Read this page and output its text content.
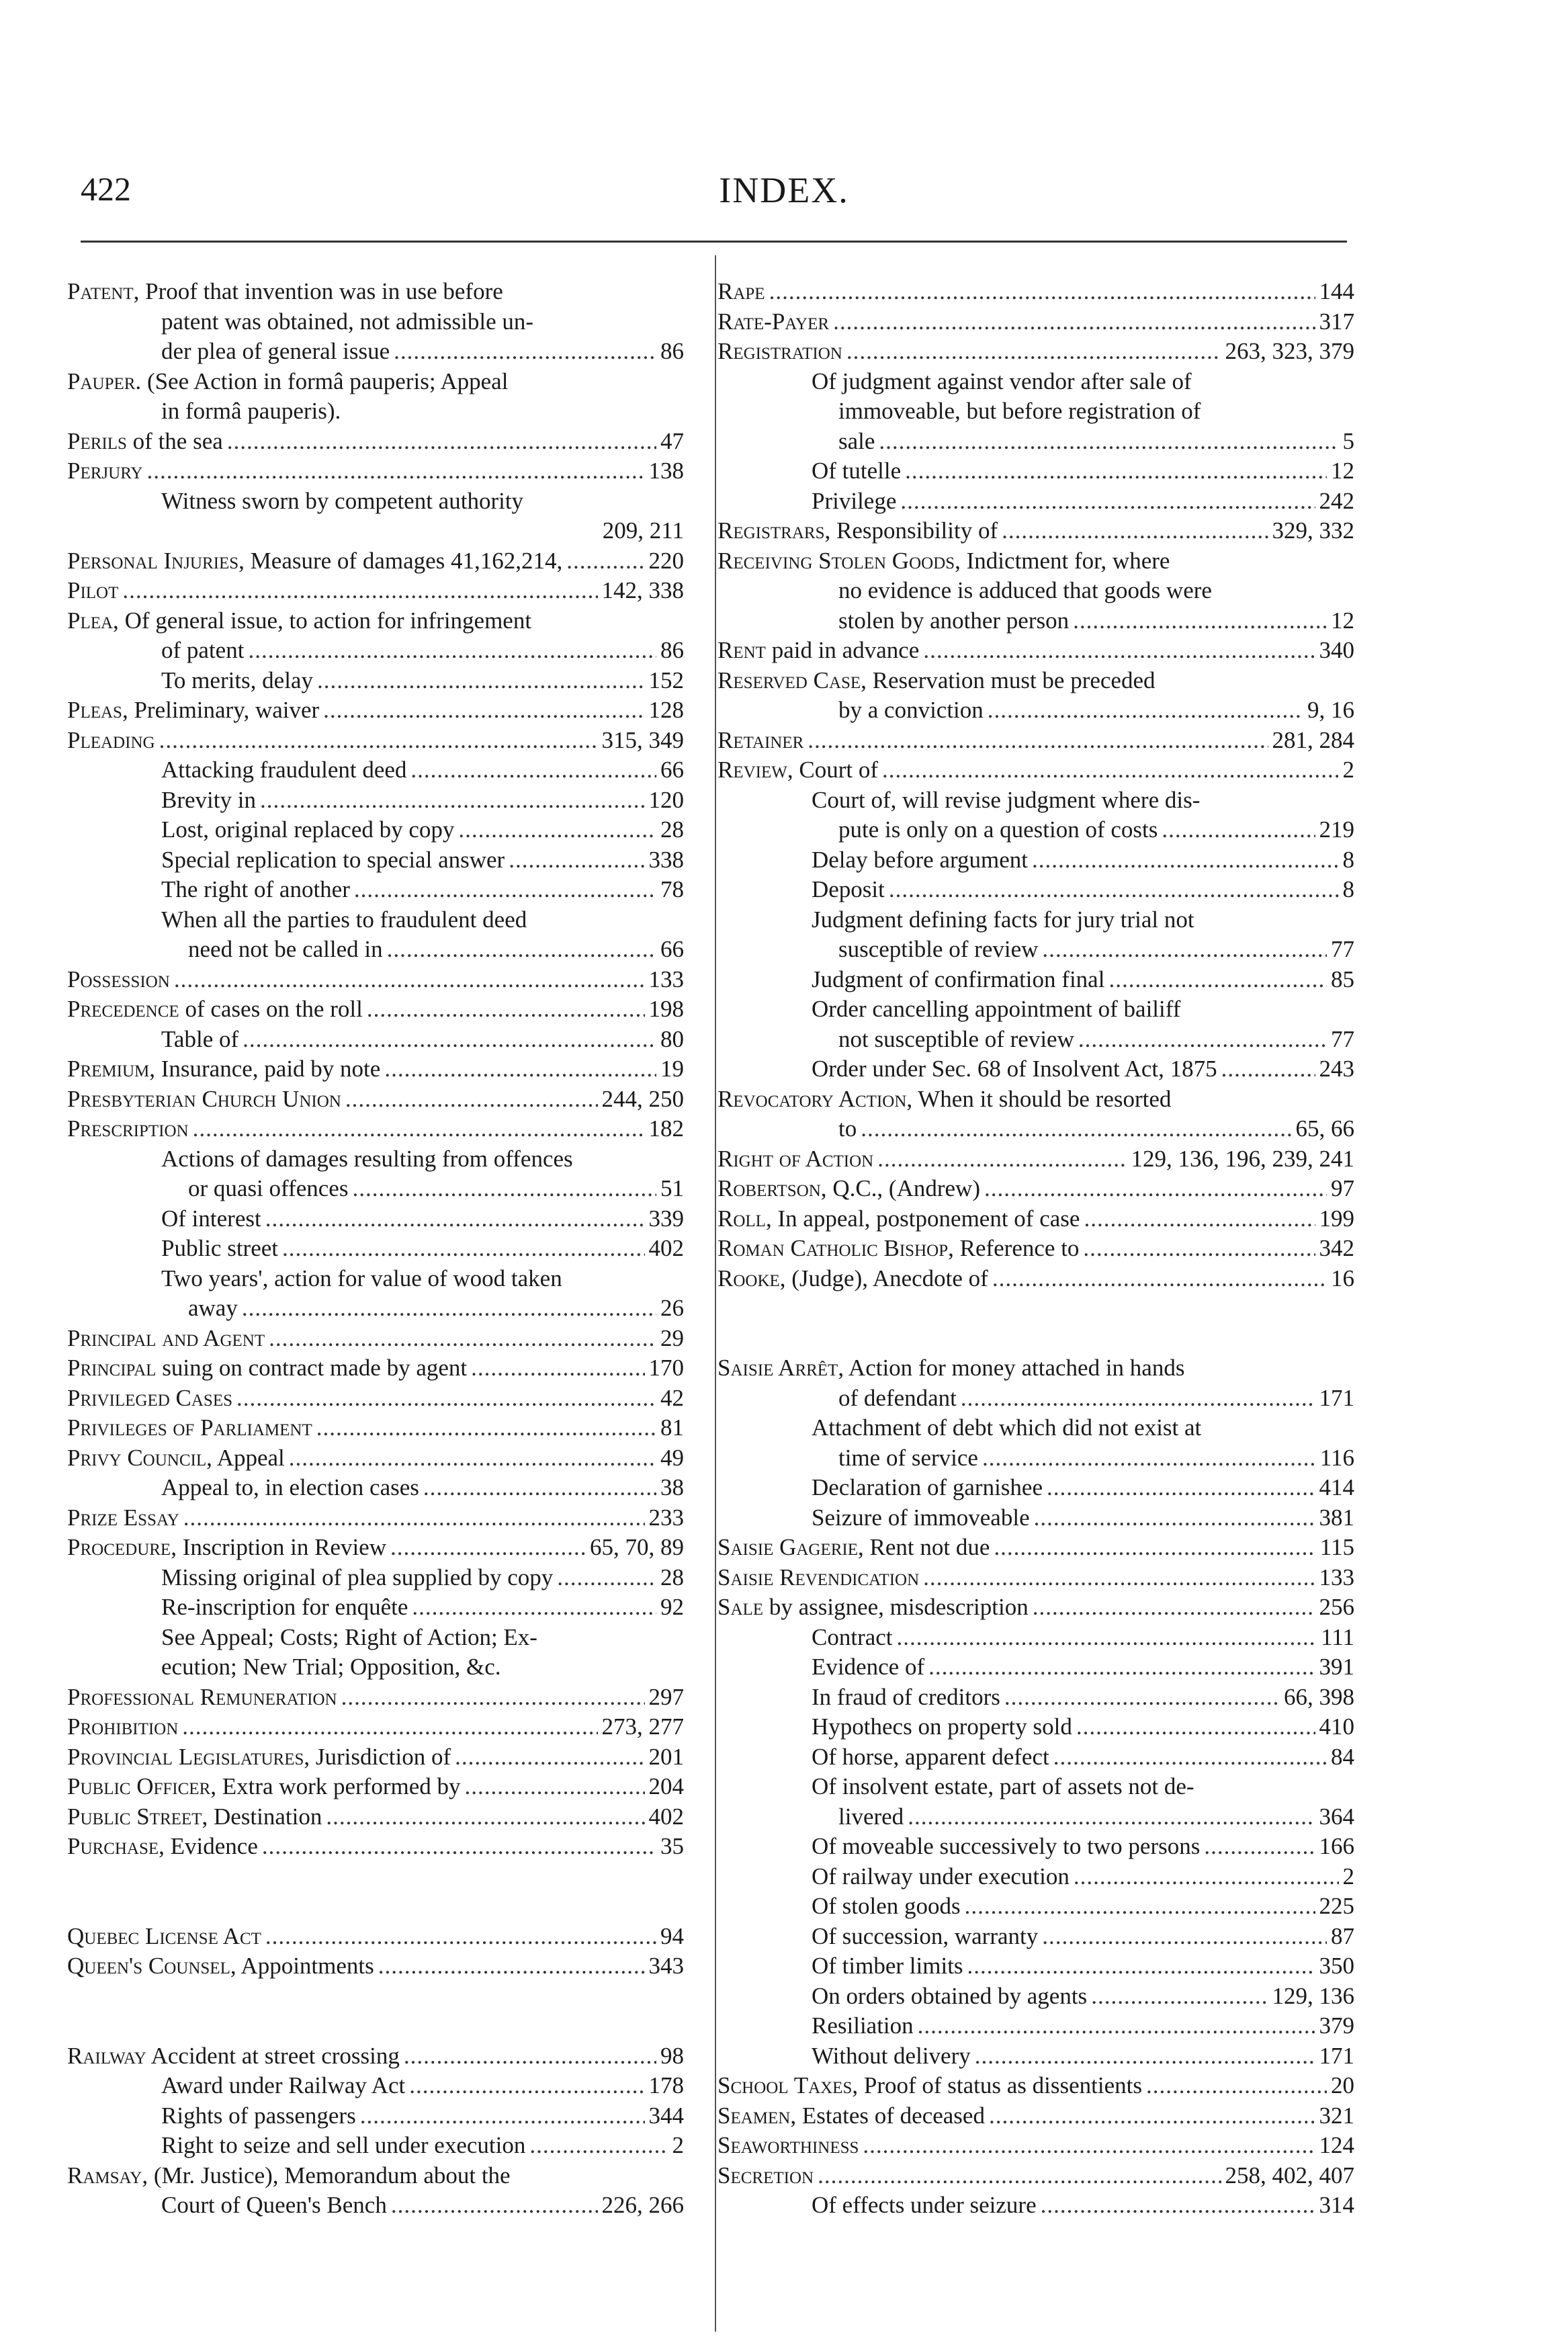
422	INDEX.
Patent, Proof that invention was in use before
patent was obtained, not admissible un-
der plea of general issue .....	86
Pauper. (See Action in formâ pauperis; Appeal
in formâ pauperis).
Perils of the sea .....	47
Perjury .....	138
Witness sworn by competent authority
209, 211
Personal Injuries, Measure of damages 41,162,214, .....	220
Pilot .....	142, 338
Plea, Of general issue, to action for infringement
of patent .....	86
To merits, delay .....	152
Pleas, Preliminary, waiver .....	128
Pleading .....	315, 349
Attacking fraudulent deed .....	66
Brevity in .....	120
Lost, original replaced by copy .....	28
Special replication to special answer .....	338
The right of another .....	78
When all the parties to fraudulent deed
need not be called in .....	66
Possession .....	133
Precedence of cases on the roll .....	198
Table of .....	80
Premium, Insurance, paid by note .....	19
Presbyterian Church Union .....	244, 250
Prescription .....	182
Actions of damages resulting from offences
or quasi offences .....	51
Of interest .....	339
Public street .....	402
Two years', action for value of wood taken
away .....	26
Principal and Agent .....	29
Principal suing on contract made by agent .....	170
Privileged Cases .....	42
Privileges of Parliament .....	81
Privy Council, Appeal .....	49
Appeal to, in election cases .....	38
Prize Essay .....	233
Procedure, Inscription in Review .....	65, 70, 89
Missing original of plea supplied by copy .....	28
Re-inscription for enquête .....	92
See Appeal; Costs; Right of Action; Ex-
ecution; New Trial; Opposition, &c.
Professional Remuneration .....	297
Prohibition .....	273, 277
Provincial Legislatures, Jurisdiction of .....	201
Public Officer, Extra work performed by .....	204
Public Street, Destination .....	402
Purchase, Evidence .....	35
Quebec License Act .....	94
Queen's Counsel, Appointments .....	343
Railway Accident at street crossing .....	98
Award under Railway Act .....	178
Rights of passengers .....	344
Right to seize and sell under execution .....	2
Ramsay, (Mr. Justice), Memorandum about the
Court of Queen's Bench .....	226, 266
Rape .....	144
Rate-Payer .....	317
Registration .....	263, 323, 379
Of judgment against vendor after sale of
immoveable, but before registration of
sale .....	5
Of tutelle .....	12
Privilege .....	242
Registrars, Responsibility of .....	329, 332
Receiving Stolen Goods, Indictment for, where
no evidence is adduced that goods were
stolen by another person .....	12
Rent paid in advance .....	340
Reserved Case, Reservation must be preceded
by a conviction .....	9, 16
Retainer .....	281, 284
Review, Court of .....	2
Court of, will revise judgment where dis-
pute is only on a question of costs .....	219
Delay before argument .....	8
Deposit .....	8
Judgment defining facts for jury trial not
susceptible of review .....	77
Judgment of confirmation final .....	85
Order cancelling appointment of bailiff
not susceptible of review .....	77
Order under Sec. 68 of Insolvent Act, 1875 .....	243
Revocatory Action, When it should be resorted
to .....	65, 66
Right of Action .....	129, 136, 196, 239, 241
Robertson, Q.C., (Andrew) .....	97
Roll, In appeal, postponement of case .....	199
Roman Catholic Bishop, Reference to .....	342
Rooke, (Judge), Anecdote of .....	16
Saisie Arrêt, Action for money attached in hands
of defendant .....	171
Attachment of debt which did not exist at
time of service .....	116
Declaration of garnishee .....	414
Seizure of immoveable .....	381
Saisie Gagerie, Rent not due .....	115
Saisie Revendication .....	133
Sale by assignee, misdescription .....	256
Contract .....	111
Evidence of .....	391
In fraud of creditors .....	66, 398
Hypothecs on property sold .....	410
Of horse, apparent defect .....	84
Of insolvent estate, part of assets not de-
livered .....	364
Of moveable successively to two persons .....	166
Of railway under execution .....	2
Of stolen goods .....	225
Of succession, warranty .....	87
Of timber limits .....	350
On orders obtained by agents .....	129, 136
Resiliation .....	379
Without delivery .....	171
School Taxes, Proof of status as dissentients .....	20
Seamen, Estates of deceased .....	321
Seaworthiness .....	124
Secretion .....	258, 402, 407
Of effects under seizure .....	314
